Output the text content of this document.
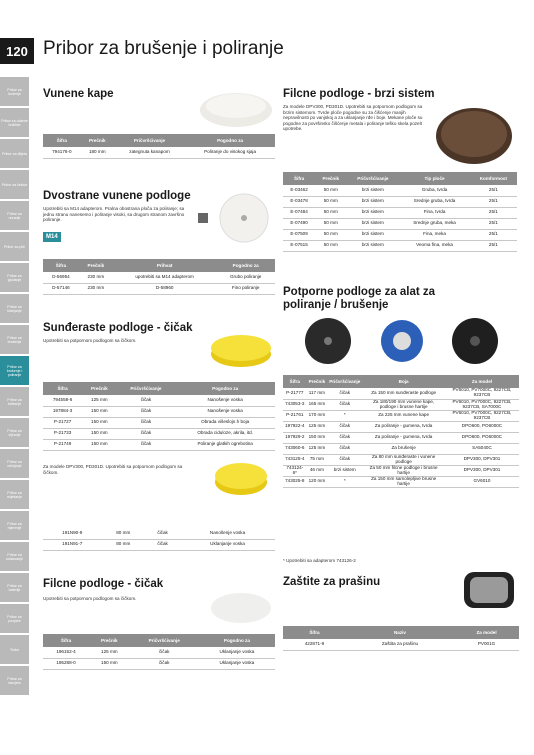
120 Pribor za brušenje i poliranje
Pribor za bušenje
Pribor za udarne bušilice
Pribor za dlijeta
Pribor za čekiće
Pribor za rezanje
Pribor za pile
Pribor za glodanje
Pribor za blanjanje
Pribor za brušenje
Pribor za brušenje i poliranje
Pribor za četkanje
Pribor za vijčanje
Pribor za odvijanje
Pribor za miješanje
Pribor za mjerenje
Pribor za usisavanje
Pribor za baterije
Pribor za punjače
Torbe
Pribor za rasvjetu
Vunene kape
Šifra	Prečnik	Pričvršćivanje	Pogodno za
794176-0	180 mm	zategnuta kanapom	Poliranje do visokog sjaja
Dvostrane vunene podloge
Upotrebiti sa M14 adapterom. Pralna obostrana ploča za poliranje; sa jednu stranu nanesemo i poliranje visoki, sa drugom stranom završno poliranje.
M14
Šifra	Prečnik	Prihvat	Pogodno za
D-56954	230 mm	upotrebiti sa M14 adapterom	Grubo poliranje
D-57146	230 mm	D-58960	Fino poliranje
Sunđeraste podloge - čičak
Upotrebiti sa potpornom podlogom sa čičkom.
Šifra	Prečnik	Pričvršćivanje	Pogodno za
794558-6	125 mm	čičak	Nanošenje voska
197884-3	150 mm	čičak	Nanošenje voska
P-21727	150 mm	čičak	Obrada višeslojn.h boja
P-21733	150 mm	čičak	Obrada ciduloze, akrila, itd.
P-21749	150 mm	čičak	Poliranje glatkih ogrebotina
Za modele DPV300, PD301D. Upotrebiti sa potpornom podlogom sa čičkom.
191N90-9	80 mm	čičak	Nanošenje voska
191N91-7	80 mm	čičak	Uklanjanje voska
Filcne podloge - čičak
Upotrebiti sa potpornom podlogom sa čičkom.
Šifra	Prečnik	Pričvršćivanje	Pogodno za
196152-4	125 mm	čičak	Uklanjanje voska
195288-0	150 mm	čičak	Uklanjanje voska
Filcne podloge - brzi sistem
Za modele DPV300, PD301D. Upotrebiti sa potpornom podlogom sa brzim sistemom. Tvrde ploče pogodne su za čišćenje manjih nepravilnosti po vanjskoj a za uklanjanje rđe i boje. Mekane ploče su pogodne za površinsko čišćenje metala i poliranje teško skela pozelt upotrebe.
Šifra	Prečnik	Pričvršćivanje	Tip ploče	Komformost
E-03462	50 mm	brzi sistem	Gruba, tvrda	25/1
E-03478	50 mm	brzi sistem	Srednje gruba, tvrda	25/1
E-07484	50 mm	brzi sistem	Fina, tvrda	25/1
E-07490	50 mm	brzi sistem	Srednje gruba, meka	25/1
E-07509	50 mm	brzi sistem	Fina, meka	25/1
E-07515	50 mm	brzi sistem	Veoma fina, meka	25/1
Potporne podloge za alat za poliranje / brušenje
Šifra	Prečnik	Pričvršćivanje	Boja	Za model
P-21777	117 mm	čičak	Za 150 mm sunđeraste podloge	PV6010, PV7000C, 9227CB, 9237CB
743053-3	165 mm	čičak	Za 180/190 mm vunene kape, podloge i brusne hartije	PV6010, PV7000C, 9227CB, 9237CB, SA7000C
P-21761	170 mm	*	Za 225 mm vunene kape	PV6010, PV7000C, 9227CB, 9237CB
197922-4	125 mm	čičak	Za poliranje - gumena, tvrda	DPO600, PO6000C
197929-2	150 mm	čičak	Za poliranje - gumena, tvrda	DPO600, PO6000C
743060-6	125 mm	čičak	Za brušenje	SA5040C
743125-4	75 mm	čičak	Za 80 mm sunđeraste i vunene podloge	DPV300, DPV301
743124-6*	46 mm	brzi sistem	Za 50 mm filcne podloge i brusne hartije	DPV300, DPV301
743025-8	120 mm	*	Za 150 mm samolepljive brusne hartije	GV6010
* Upotrebiti sa adapterom 743126-2
Zaštite za prašinu
Šifra	Naziv	Za model
422871-9	Zaštita za prašinu	PV001G
